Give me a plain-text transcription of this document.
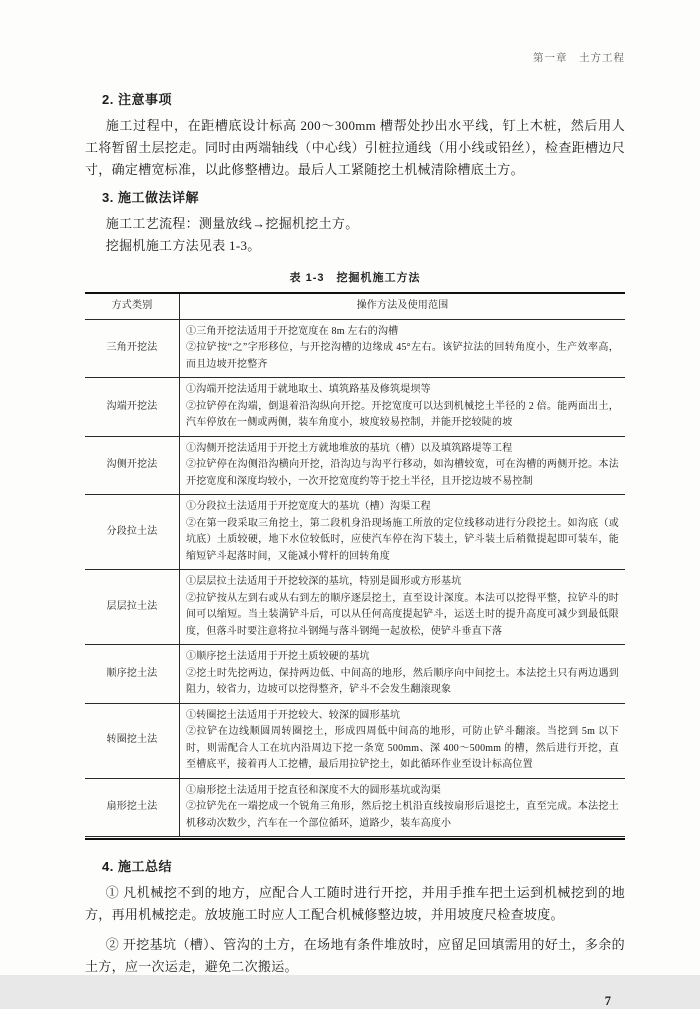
第一章　土方工程
2. 注意事项

施工过程中，在距槽底设计标高 200～300mm 槽帮处抄出水平线，钉上木桩，然后用人工将暂留土层挖走。同时由两端轴线（中心线）引桩拉通线（用小线或铅丝），检查距槽边尺寸，确定槽宽标准，以此修整槽边。最后人工紧随挖土机械清除槽底土方。

3. 施工做法详解

施工工艺流程：测量放线→挖掘机挖土方。

挖掘机施工方法见表 1-3。

表 1-3　挖掘机施工方法
方式类别	操作方法及使用范围
三角开挖法	①三角开挖法适用于开挖宽度在 8m 左右的沟槽

②拉铲按“之”字形移位，与开挖沟槽的边缘成 45°左右。该铲拉法的回转角度小，生产效率高，而且边坡开挖整齐

沟端开挖法	①沟端开挖法适用于就地取土、填筑路基及修筑堤坝等

②拉铲停在沟端，倒退着沿沟纵向开挖。开挖宽度可以达到机械挖土半径的 2 倍。能两面出土，汽车停放在一侧或两侧，装车角度小，坡度较易控制，并能开挖较陡的坡

沟侧开挖法	①沟侧开挖法适用于开挖土方就地堆放的基坑（槽）以及填筑路堤等工程

②拉铲停在沟侧沿沟横向开挖，沿沟边与沟平行移动，如沟槽较宽，可在沟槽的两侧开挖。本法开挖宽度和深度均较小，一次开挖宽度约等于挖土半径，且开挖边坡不易控制

分段拉土法	①分段拉土法适用于开挖宽度大的基坑（槽）沟渠工程

②在第一段采取三角挖土，第二段机身沿现场施工所放的定位线移动进行分段挖土。如沟底（或坑底）土质较硬，地下水位较低时，应使汽车停在沟下装土，铲斗装土后稍微提起即可装车，能缩短铲斗起落时间，又能减小臂杆的回转角度

层层拉土法	①层层拉土法适用于开挖较深的基坑，特别是圆形或方形基坑

②拉铲按从左到右或从右到左的顺序逐层挖土，直至设计深度。本法可以挖得平整，拉铲斗的时间可以缩短。当土装满铲斗后，可以从任何高度提起铲斗，运送土时的提升高度可减少到最低限度，但落斗时要注意将拉斗钢绳与落斗钢绳一起放松，使铲斗垂直下落

顺序挖土法	①顺序挖土法适用于开挖土质较硬的基坑

②挖土时先挖两边，保持两边低、中间高的地形，然后顺序向中间挖土。本法挖土只有两边遇到阻力，较省力，边坡可以挖得整齐，铲斗不会发生翻滚现象

转圈挖土法	①转圈挖土法适用于开挖较大、较深的圆形基坑

②拉铲在边线顺圆周转圈挖土，形成四周低中间高的地形，可防止铲斗翻滚。当挖到 5m 以下时，则需配合人工在坑内沿周边下挖一条宽 500mm、深 400～500mm 的槽，然后进行开挖，直至槽底平，接着再人工挖槽，最后用拉铲挖土，如此循环作业至设计标高位置

扇形挖土法	①扇形挖土法适用于挖直径和深度不大的圆形基坑或沟渠

②拉铲先在一端挖成一个锐角三角形，然后挖土机沿直线按扇形后退挖土，直至完成。本法挖土机移动次数少，汽车在一个部位循环，道路少，装车高度小

4. 施工总结

① 凡机械挖不到的地方，应配合人工随时进行开挖，并用手推车把土运到机械挖到的地方，再用机械挖走。放坡施工时应人工配合机械修整边坡，并用坡度尺检查坡度。

② 开挖基坑（槽）、管沟的土方，在场地有条件堆放时，应留足回填需用的好土，多余的土方，应一次运走，避免二次搬运。

7
